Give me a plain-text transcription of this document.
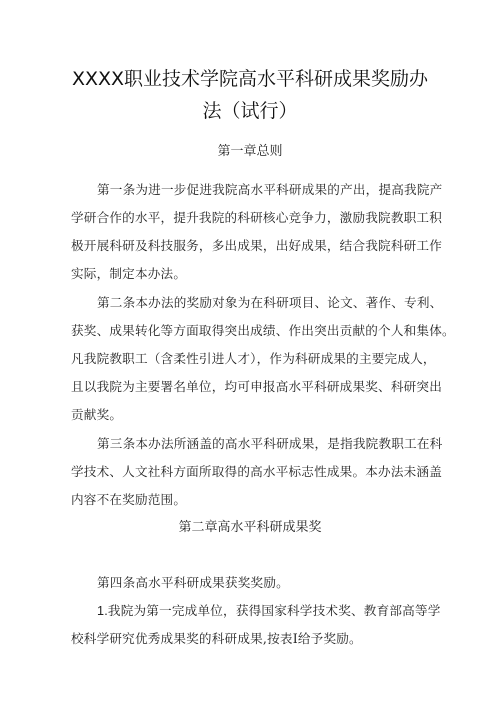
XXXX职业技术学院高水平科研成果奖励办
法（试行）
第一章总则
第一条为进一步促进我院高水平科研成果的产出，提高我院产
学研合作的水平，提升我院的科研核心竞争力，激励我院教职工积
极开展科研及科技服务，多出成果，出好成果，结合我院科研工作
实际，制定本办法。
第二条本办法的奖励对象为在科研项目、论文、著作、专利、
获奖、成果转化等方面取得突出成绩、作出突出贡献的个人和集体。
凡我院教职工（含柔性引进人才），作为科研成果的主要完成人，
且以我院为主要署名单位，均可申报高水平科研成果奖、科研突出
贡献奖。
第三条本办法所涵盖的高水平科研成果，是指我院教职工在科
学技术、人文社科方面所取得的高水平标志性成果。本办法未涵盖
内容不在奖励范围。
第二章高水平科研成果奖
第四条高水平科研成果获奖奖励。
1.我院为第一完成单位，获得国家科学技术奖、教育部高等学
校科学研究优秀成果奖的科研成果,按表Ⅰ给予奖励。
